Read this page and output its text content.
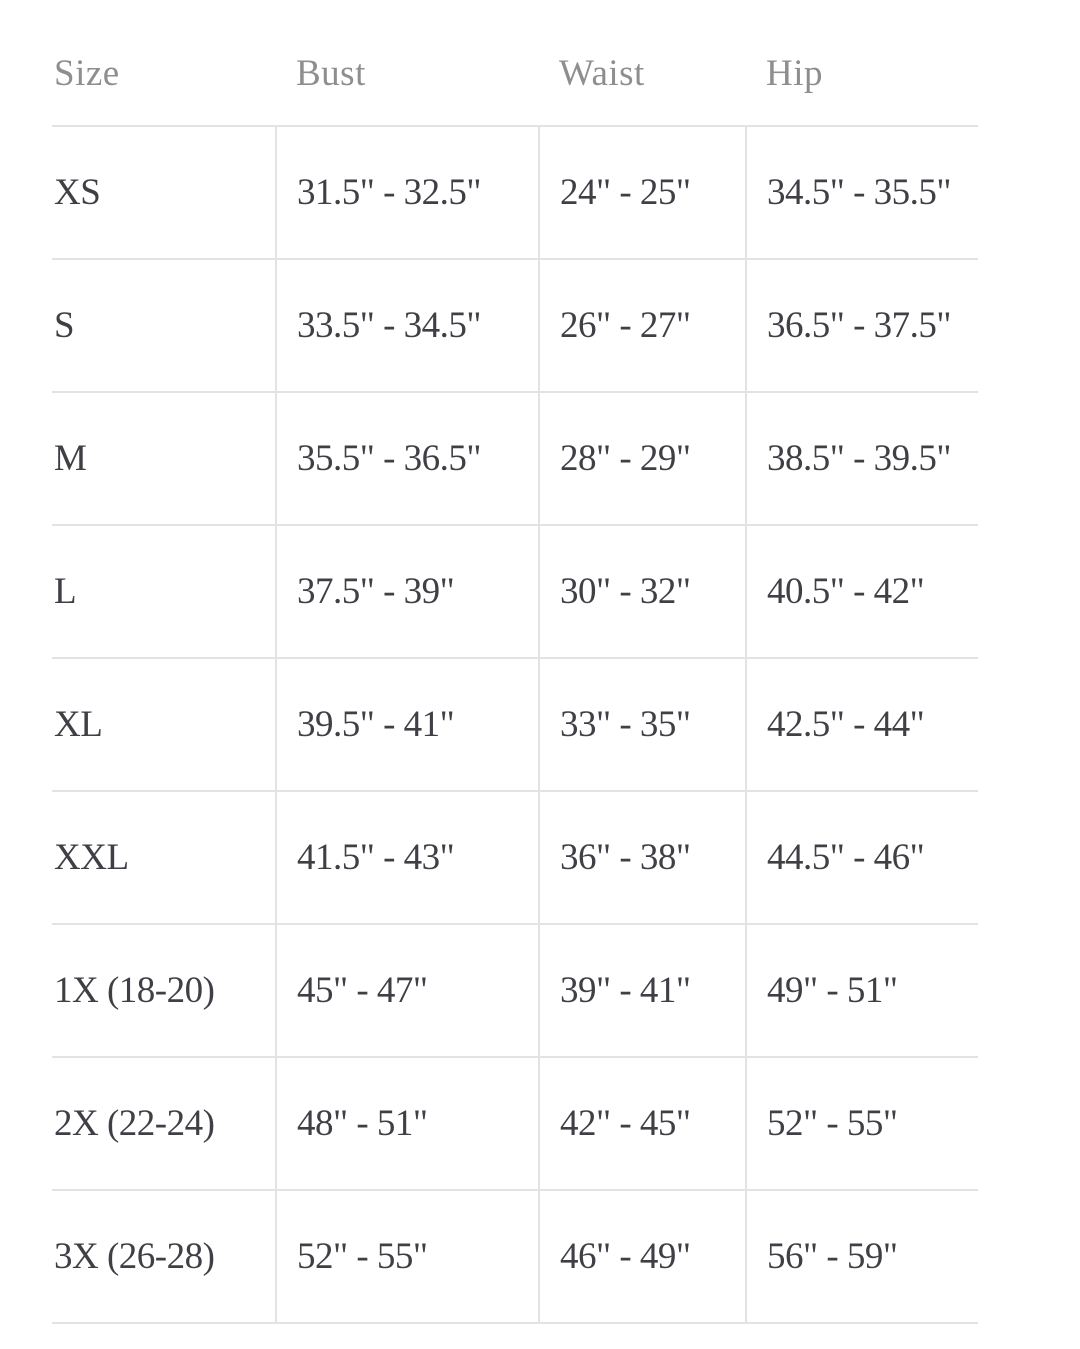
Size	Bust	Waist	Hip
XS	31.5" - 32.5"	24" - 25"	34.5" - 35.5"
S	33.5" - 34.5"	26" - 27"	36.5" - 37.5"
M	35.5" - 36.5"	28" - 29"	38.5" - 39.5"
L	37.5" - 39"	30" - 32"	40.5" - 42"
XL	39.5" - 41"	33" - 35"	42.5" - 44"
XXL	41.5" - 43"	36" - 38"	44.5" - 46"
1X (18-20)	45" - 47"	39" - 41"	49" - 51"
2X (22-24)	48" - 51"	42" - 45"	52" - 55"
3X (26-28)	52" - 55"	46" - 49"	56" - 59"
